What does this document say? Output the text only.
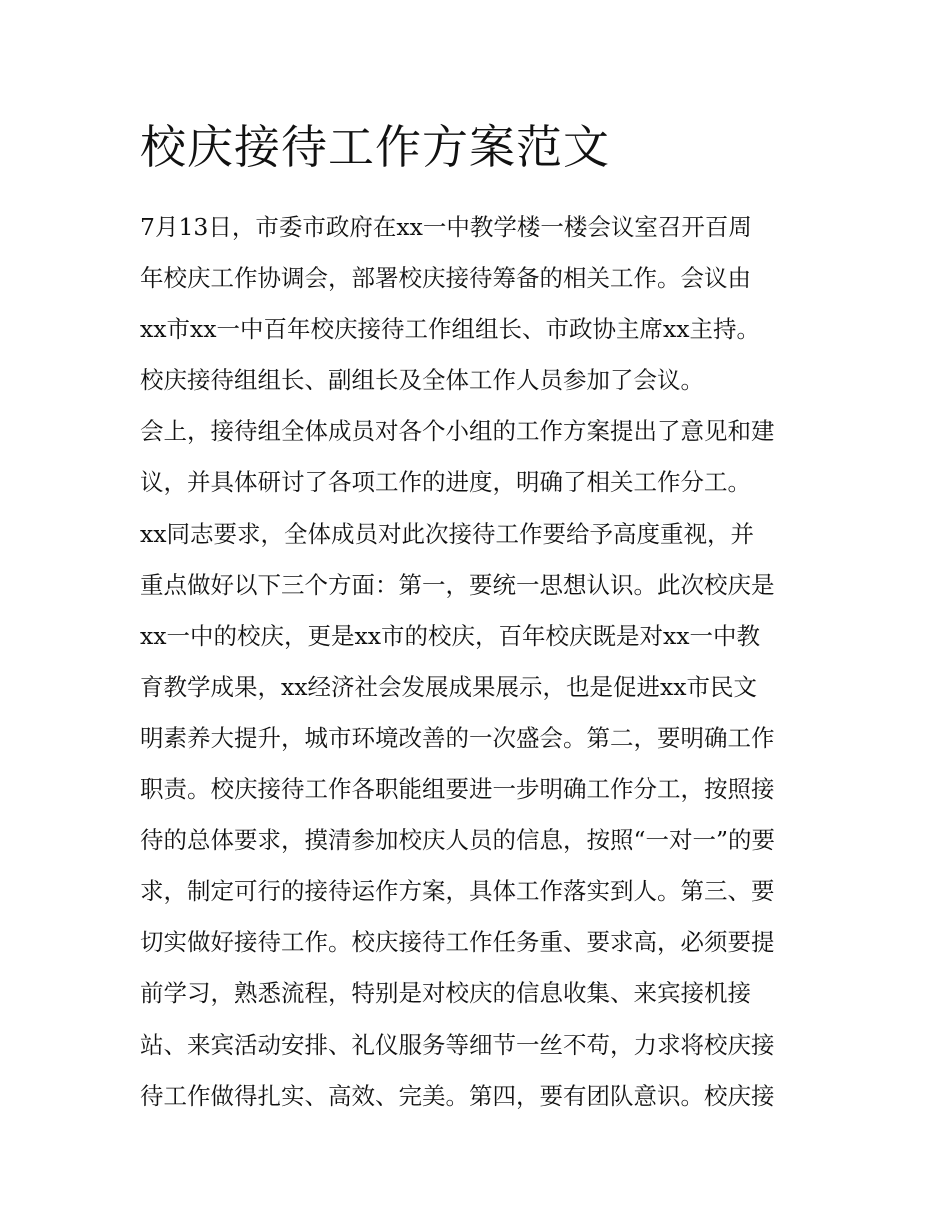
校庆接待工作方案范文
7月13日，市委市政府在xx一中教学楼一楼会议室召开百周
年校庆工作协调会，部署校庆接待筹备的相关工作。会议由
xx市xx一中百年校庆接待工作组组长、市政协主席xx主持。
校庆接待组组长、副组长及全体工作人员参加了会议。
会上，接待组全体成员对各个小组的工作方案提出了意见和建
议，并具体研讨了各项工作的进度，明确了相关工作分工。
xx同志要求，全体成员对此次接待工作要给予高度重视，并
重点做好以下三个方面：第一，要统一思想认识。此次校庆是
xx一中的校庆，更是xx市的校庆，百年校庆既是对xx一中教
育教学成果，xx经济社会发展成果展示，也是促进xx市民文
明素养大提升，城市环境改善的一次盛会。第二，要明确工作
职责。校庆接待工作各职能组要进一步明确工作分工，按照接
待的总体要求，摸清参加校庆人员的信息，按照“一对一”的要
求，制定可行的接待运作方案，具体工作落实到人。第三、要
切实做好接待工作。校庆接待工作任务重、要求高，必须要提
前学习，熟悉流程，特别是对校庆的信息收集、来宾接机接
站、来宾活动安排、礼仪服务等细节一丝不苟，力求将校庆接
待工作做得扎实、高效、完美。第四，要有团队意识。校庆接
